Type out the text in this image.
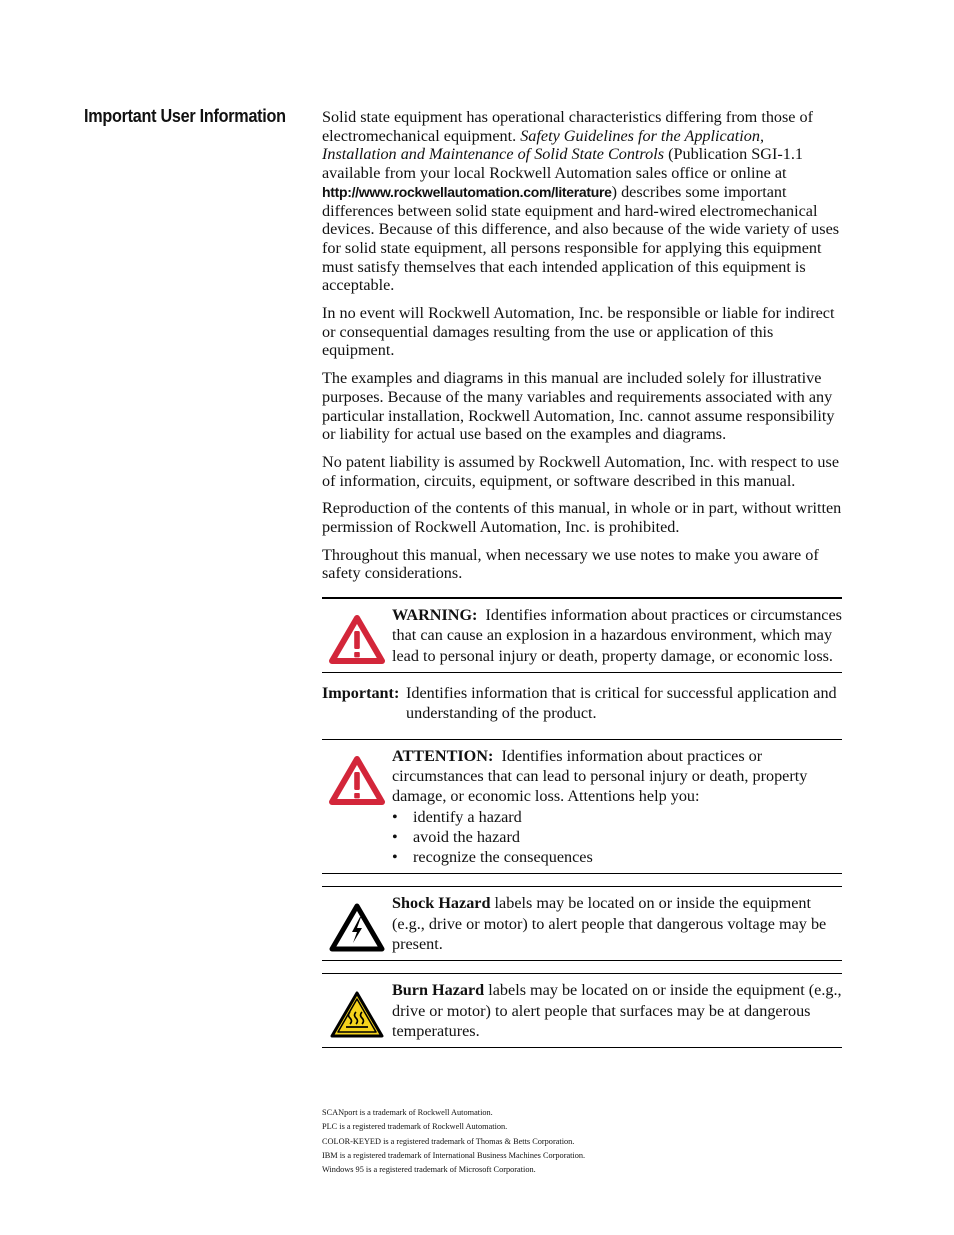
Important User Information	Solid state equipment has operational characteristics differing from those of electromechanical equipment. Safety Guidelines for the Application, Installation and Maintenance of Solid State Controls (Publication SGI-1.1 available from your local Rockwell Automation sales office or online at http://www.rockwellautomation.com/literature) describes some important differences between solid state equipment and hard-wired electromechanical devices. Because of this difference, and also because of the wide variety of uses for solid state equipment, all persons responsible for applying this equipment must satisfy themselves that each intended application of this equipment is acceptable.

In no event will Rockwell Automation, Inc. be responsible or liable for indirect or consequential damages resulting from the use or application of this equipment.

The examples and diagrams in this manual are included solely for illustrative purposes. Because of the many variables and requirements associated with any particular installation, Rockwell Automation, Inc. cannot assume responsibility or liability for actual use based on the examples and diagrams.

No patent liability is assumed by Rockwell Automation, Inc. with respect to use of information, circuits, equipment, or software described in this manual.

Reproduction of the contents of this manual, in whole or in part, without written permission of Rockwell Automation, Inc. is prohibited.

Throughout this manual, when necessary we use notes to make you aware of safety considerations.

WARNING: Identifies information about practices or circumstances that can cause an explosion in a hazardous environment, which may lead to personal injury or death, property damage, or economic loss.
Important: Identifies information that is critical for successful application and understanding of the product.
ATTENTION: Identifies information about practices or circumstances that can lead to personal injury or death, property damage, or economic loss. Attentions help you:
• identify a hazard
• avoid the hazard
• recognize the consequences
Shock Hazard labels may be located on or inside the equipment (e.g., drive or motor) to alert people that dangerous voltage may be present.
Burn Hazard labels may be located on or inside the equipment (e.g., drive or motor) to alert people that surfaces may be at dangerous temperatures.
SCANport is a trademark of Rockwell Automation.
PLC is a registered trademark of Rockwell Automation.
COLOR-KEYED is a registered trademark of Thomas & Betts Corporation.
IBM is a registered trademark of International Business Machines Corporation.
Windows 95 is a registered trademark of Microsoft Corporation.
